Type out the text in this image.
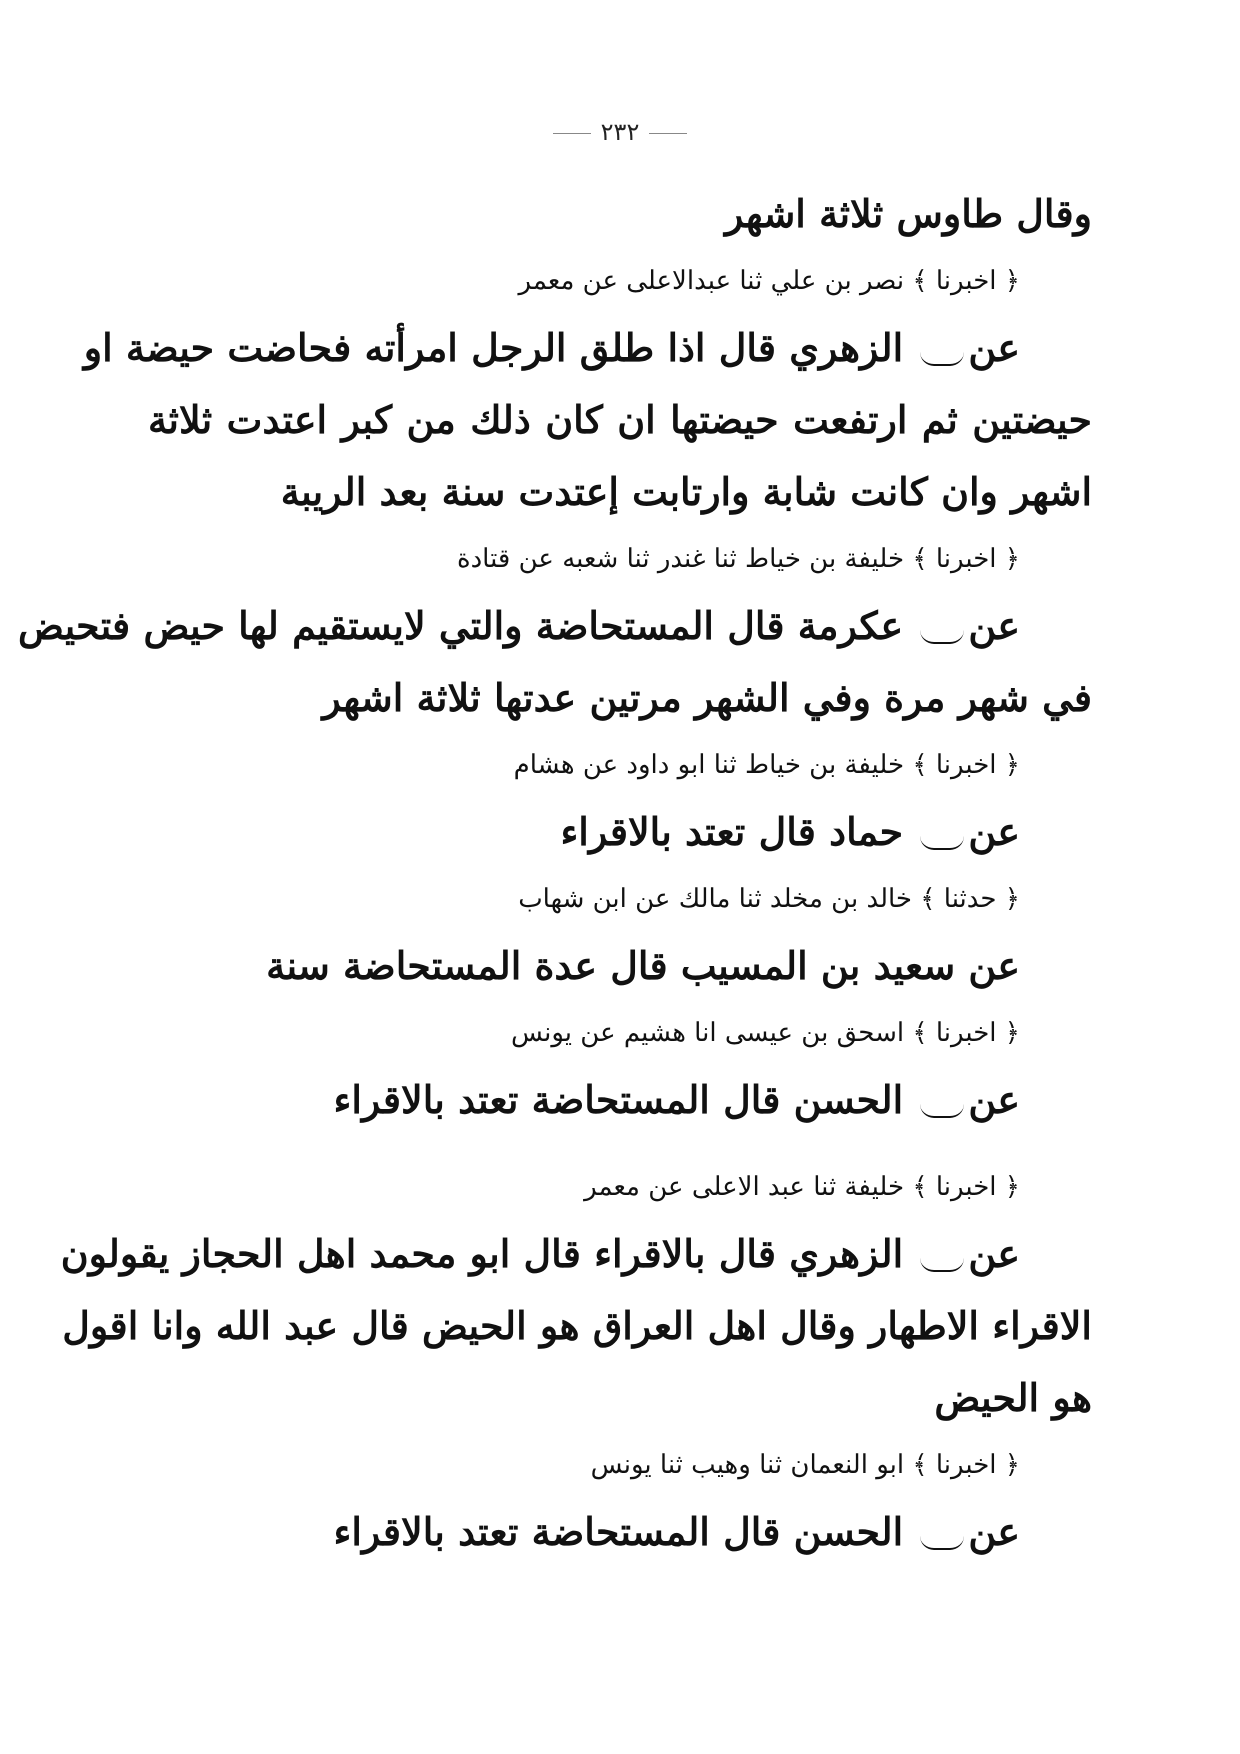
٢٣٢
وقال طاوس ثلاثة اشهر
﴿ اخبرنا ﴾ نصر بن علي ثنا عبدالاعلى عن معمر
عن الزهري قال اذا طلق الرجل امرأته فحاضت حيضة او
حيضتين ثم ارتفعت حيضتها ان كان ذلك من كبر اعتدت ثلاثة
اشهر وان كانت شابة وارتابت إعتدت سنة بعد الريبة
﴿ اخبرنا ﴾ خليفة بن خياط ثنا غندر ثنا شعبه عن قتادة
عن عكرمة قال المستحاضة والتي لايستقيم لها حيض فتحيض
في شهر مرة وفي الشهر مرتين عدتها ثلاثة اشهر
﴿ اخبرنا ﴾ خليفة بن خياط ثنا ابو داود عن هشام
عن حماد قال تعتد بالاقراء
﴿ حدثنا ﴾ خالد بن مخلد ثنا مالك عن ابن شهاب
عن سعيد بن المسيب قال عدة المستحاضة سنة
﴿ اخبرنا ﴾ اسحق بن عيسى انا هشيم عن يونس
عن الحسن قال المستحاضة تعتد بالاقراء
﴿ اخبرنا ﴾ خليفة ثنا عبد الاعلى عن معمر
عن الزهري قال بالاقراء قال ابو محمد اهل الحجاز يقولون
الاقراء الاطهار وقال اهل العراق هو الحيض قال عبد الله وانا اقول
هو الحيض
﴿ اخبرنا ﴾ ابو النعمان ثنا وهيب ثنا يونس
عن الحسن قال المستحاضة تعتد بالاقراء
